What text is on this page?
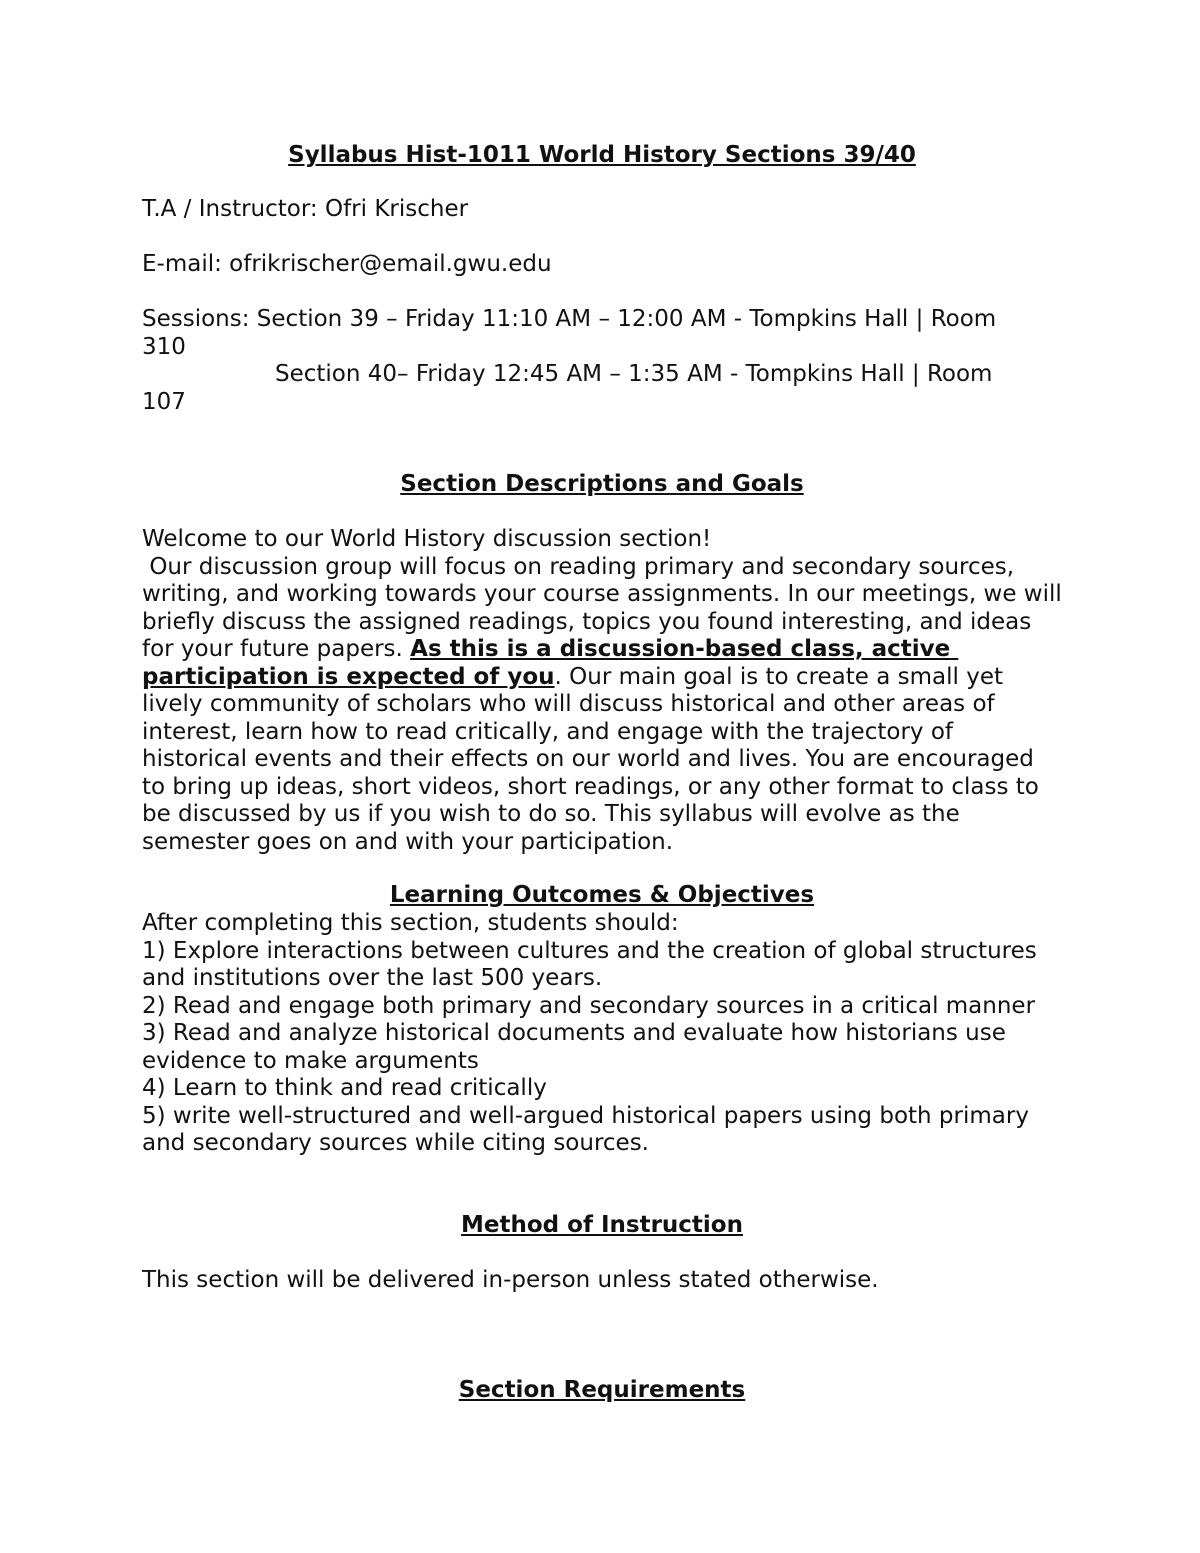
Syllabus Hist-1011 World History Sections 39/40

T.A / Instructor: Ofri Krischer

E-mail: ofrikrischer@email.gwu.edu

Sessions: Section 39 – Friday 11:10 AM – 12:00 AM - Tompkins Hall | Room

310

Section 40– Friday 12:45 AM – 1:35 AM - Tompkins Hall | Room

107

Section Descriptions and Goals

Welcome to our World History discussion section!

Our discussion group will focus on reading primary and secondary sources, writing, and working towards your course assignments. In our meetings, we will briefly discuss the assigned readings, topics you found interesting, and ideas for your future papers. As this is a discussion-based class, active participation is expected of you. Our main goal is to create a small yet lively community of scholars who will discuss historical and other areas of interest, learn how to read critically, and engage with the trajectory of historical events and their effects on our world and lives. You are encouraged to bring up ideas, short videos, short readings, or any other format to class to be discussed by us if you wish to do so. This syllabus will evolve as the semester goes on and with your participation.

Learning Outcomes & Objectives

After completing this section, students should:

1) Explore interactions between cultures and the creation of global structures and institutions over the last 500 years.

2) Read and engage both primary and secondary sources in a critical manner

3) Read and analyze historical documents and evaluate how historians use evidence to make arguments

4) Learn to think and read critically

5) write well-structured and well-argued historical papers using both primary and secondary sources while citing sources.

Method of Instruction

This section will be delivered in-person unless stated otherwise.

Section Requirements
